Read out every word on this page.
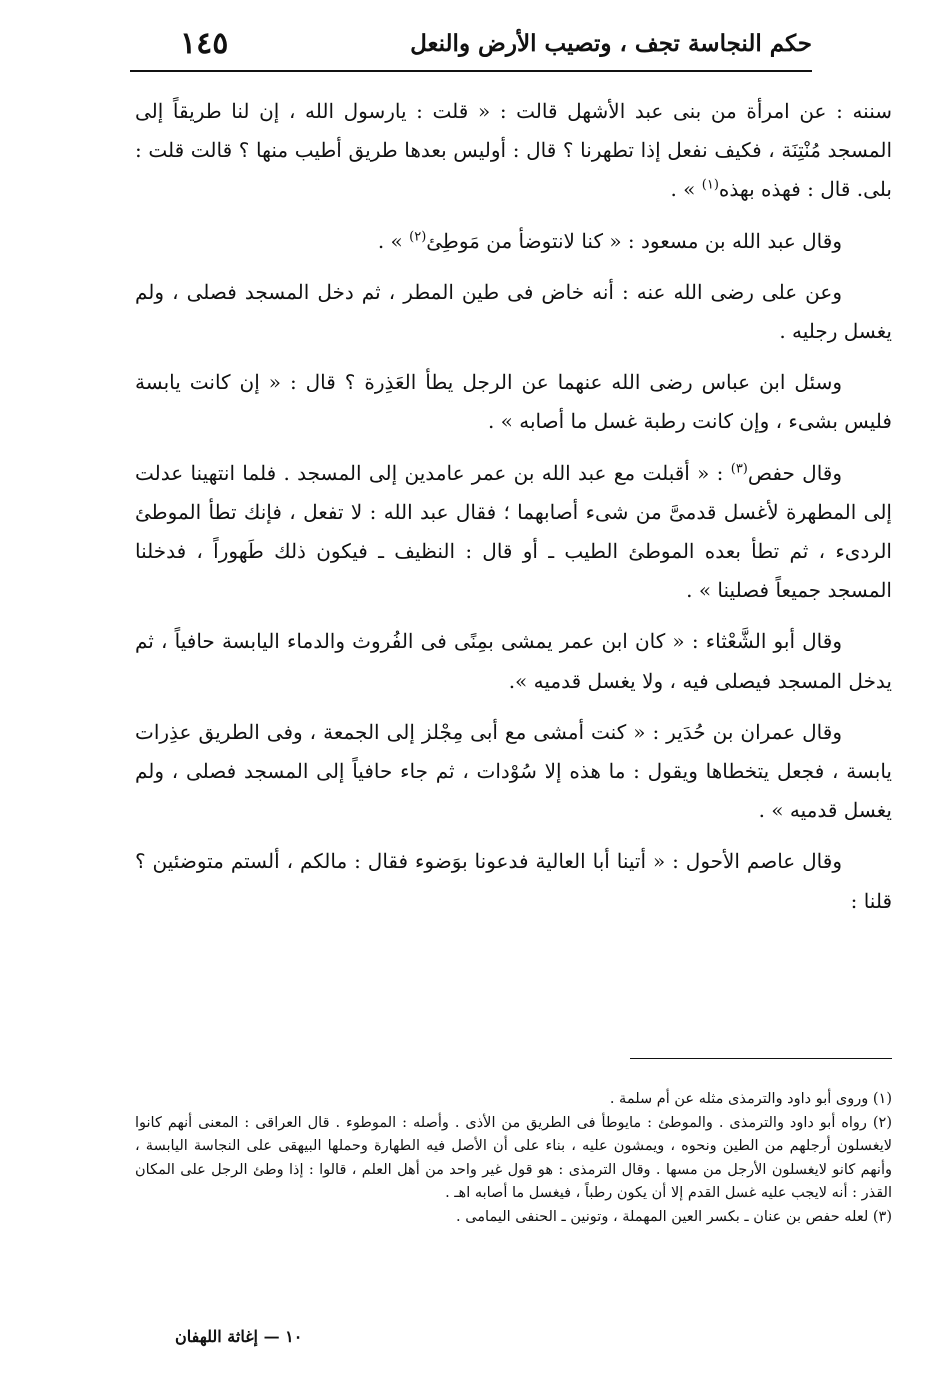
حكم النجاسة تجف ، وتصيب الأرض والنعل
١٤٥

سننه : عن امرأة من بنى عبد الأشهل قالت : « قلت : يارسول الله ، إن لنا طريقاً إلى المسجد مُنْتِنَة ، فكيف نفعل إذا تطهرنا ؟ قال : أوليس بعدها طريق أطيب منها ؟ قالت قلت : بلى. قال : فهذه بهذه$^{(١)}$ » .

وقال عبد الله بن مسعود : « كنا لانتوضأ من مَوطِئ$^{(٢)}$ » .

وعن على رضى الله عنه : أنه خاض فى طين المطر ، ثم دخل المسجد فصلى ، ولم يغسل رجليه .

وسئل ابن عباس رضى الله عنهما عن الرجل يطأ العَذِرة ؟ قال : « إن كانت يابسة فليس بشىء ، وإن كانت رطبة غسل ما أصابه » .

وقال حفص$^{(٣)}$ : « أقبلت مع عبد الله بن عمر عامدين إلى المسجد . فلما انتهينا عدلت إلى المطهرة لأغسل قدمىَّ من شىء أصابهما ؛ فقال عبد الله : لا تفعل ، فإنك تطأ الموطئ الردىء ، ثم تطأ بعده الموطئ الطيب ـ أو قال : النظيف ـ فيكون ذلك طَهوراً ، فدخلنا المسجد جميعاً فصلينا » .

وقال أبو الشَّعْثاء : « كان ابن عمر يمشى بمِنًى فى الفُروث والدماء اليابسة حافياً ، ثم يدخل المسجد فيصلى فيه ، ولا يغسل قدميه ».

وقال عمران بن حُدَير : « كنت أمشى مع أبى مِجْلز إلى الجمعة ، وفى الطريق عذِرات يابسة ، فجعل يتخطاها ويقول : ما هذه إلا سُوْدات ، ثم جاء حافياً إلى المسجد فصلى ، ولم يغسل قدميه » .

وقال عاصم الأحول : « أتينا أبا العالية فدعونا بوَضوء فقال : مالكم ، ألستم متوضئين ؟ قلنا :

(١) وروى أبو داود والترمذى مثله عن أم سلمة .

(٢) رواه أبو داود والترمذى . والموطئ : مايوطأ فى الطريق من الأذى . وأصله : الموطوء . قال العراقى : المعنى أنهم كانوا لايغسلون أرجلهم من الطين ونحوه ، ويمشون عليه ، بناء على أن الأصل فيه الطهارة وحملها البيهقى على النجاسة اليابسة ، وأنهم كانو لايغسلون الأرجل من مسها . وقال الترمذى : هو قول غير واحد من أهل العلم ، قالوا : إذا وطئ الرجل على المكان القذر : أنه لايجب عليه غسل القدم إلا أن يكون رطباً ، فيغسل ما أصابه اهـ .

(٣) لعله حفص بن عنان ـ بكسر العين المهملة ، وتونين ـ الحنفى اليمامى .

١٠ — إغاثة اللهفان
